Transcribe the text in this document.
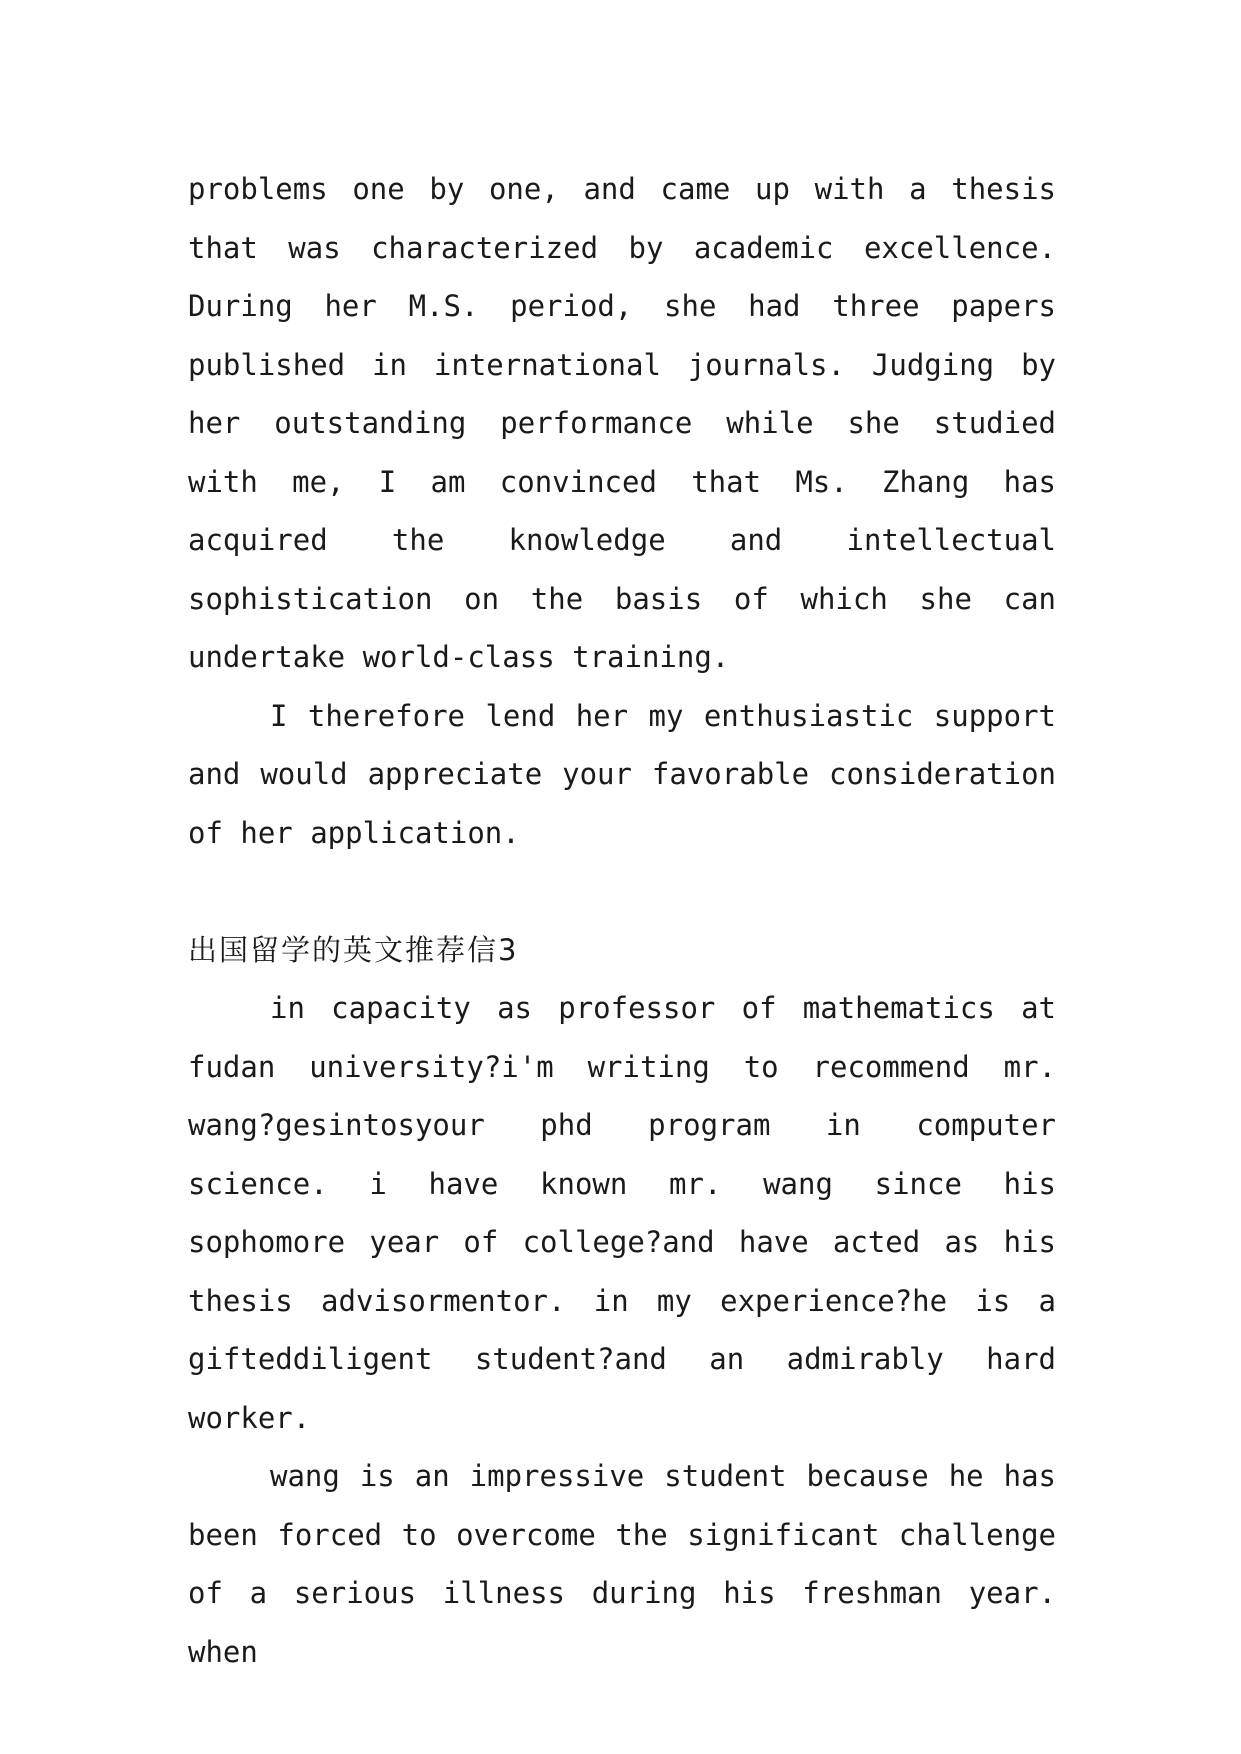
problems one by one, and came up with a thesis that was characterized by academic excellence. During her M.S. period, she had three papers published in international journals. Judging by her outstanding performance while she studied with me, I am convinced that Ms. Zhang has acquired the knowledge and intellectual sophistication on the basis of which she can undertake world-class training.

I therefore lend her my enthusiastic support and would appreciate your favorable consideration of her application.

出国留学的英文推荐信3

in capacity as professor of mathematics at fudan university?i'm writing to recommend mr. wang?gesintosyour phd program in computer science. i have known mr. wang since his sophomore year of college?and have acted as his thesis advisormentor. in my experience?he is a gifteddiligent student?and an admirably hard worker.

wang is an impressive student because he has been forced to overcome the significant challenge of a serious illness during his freshman year. when
